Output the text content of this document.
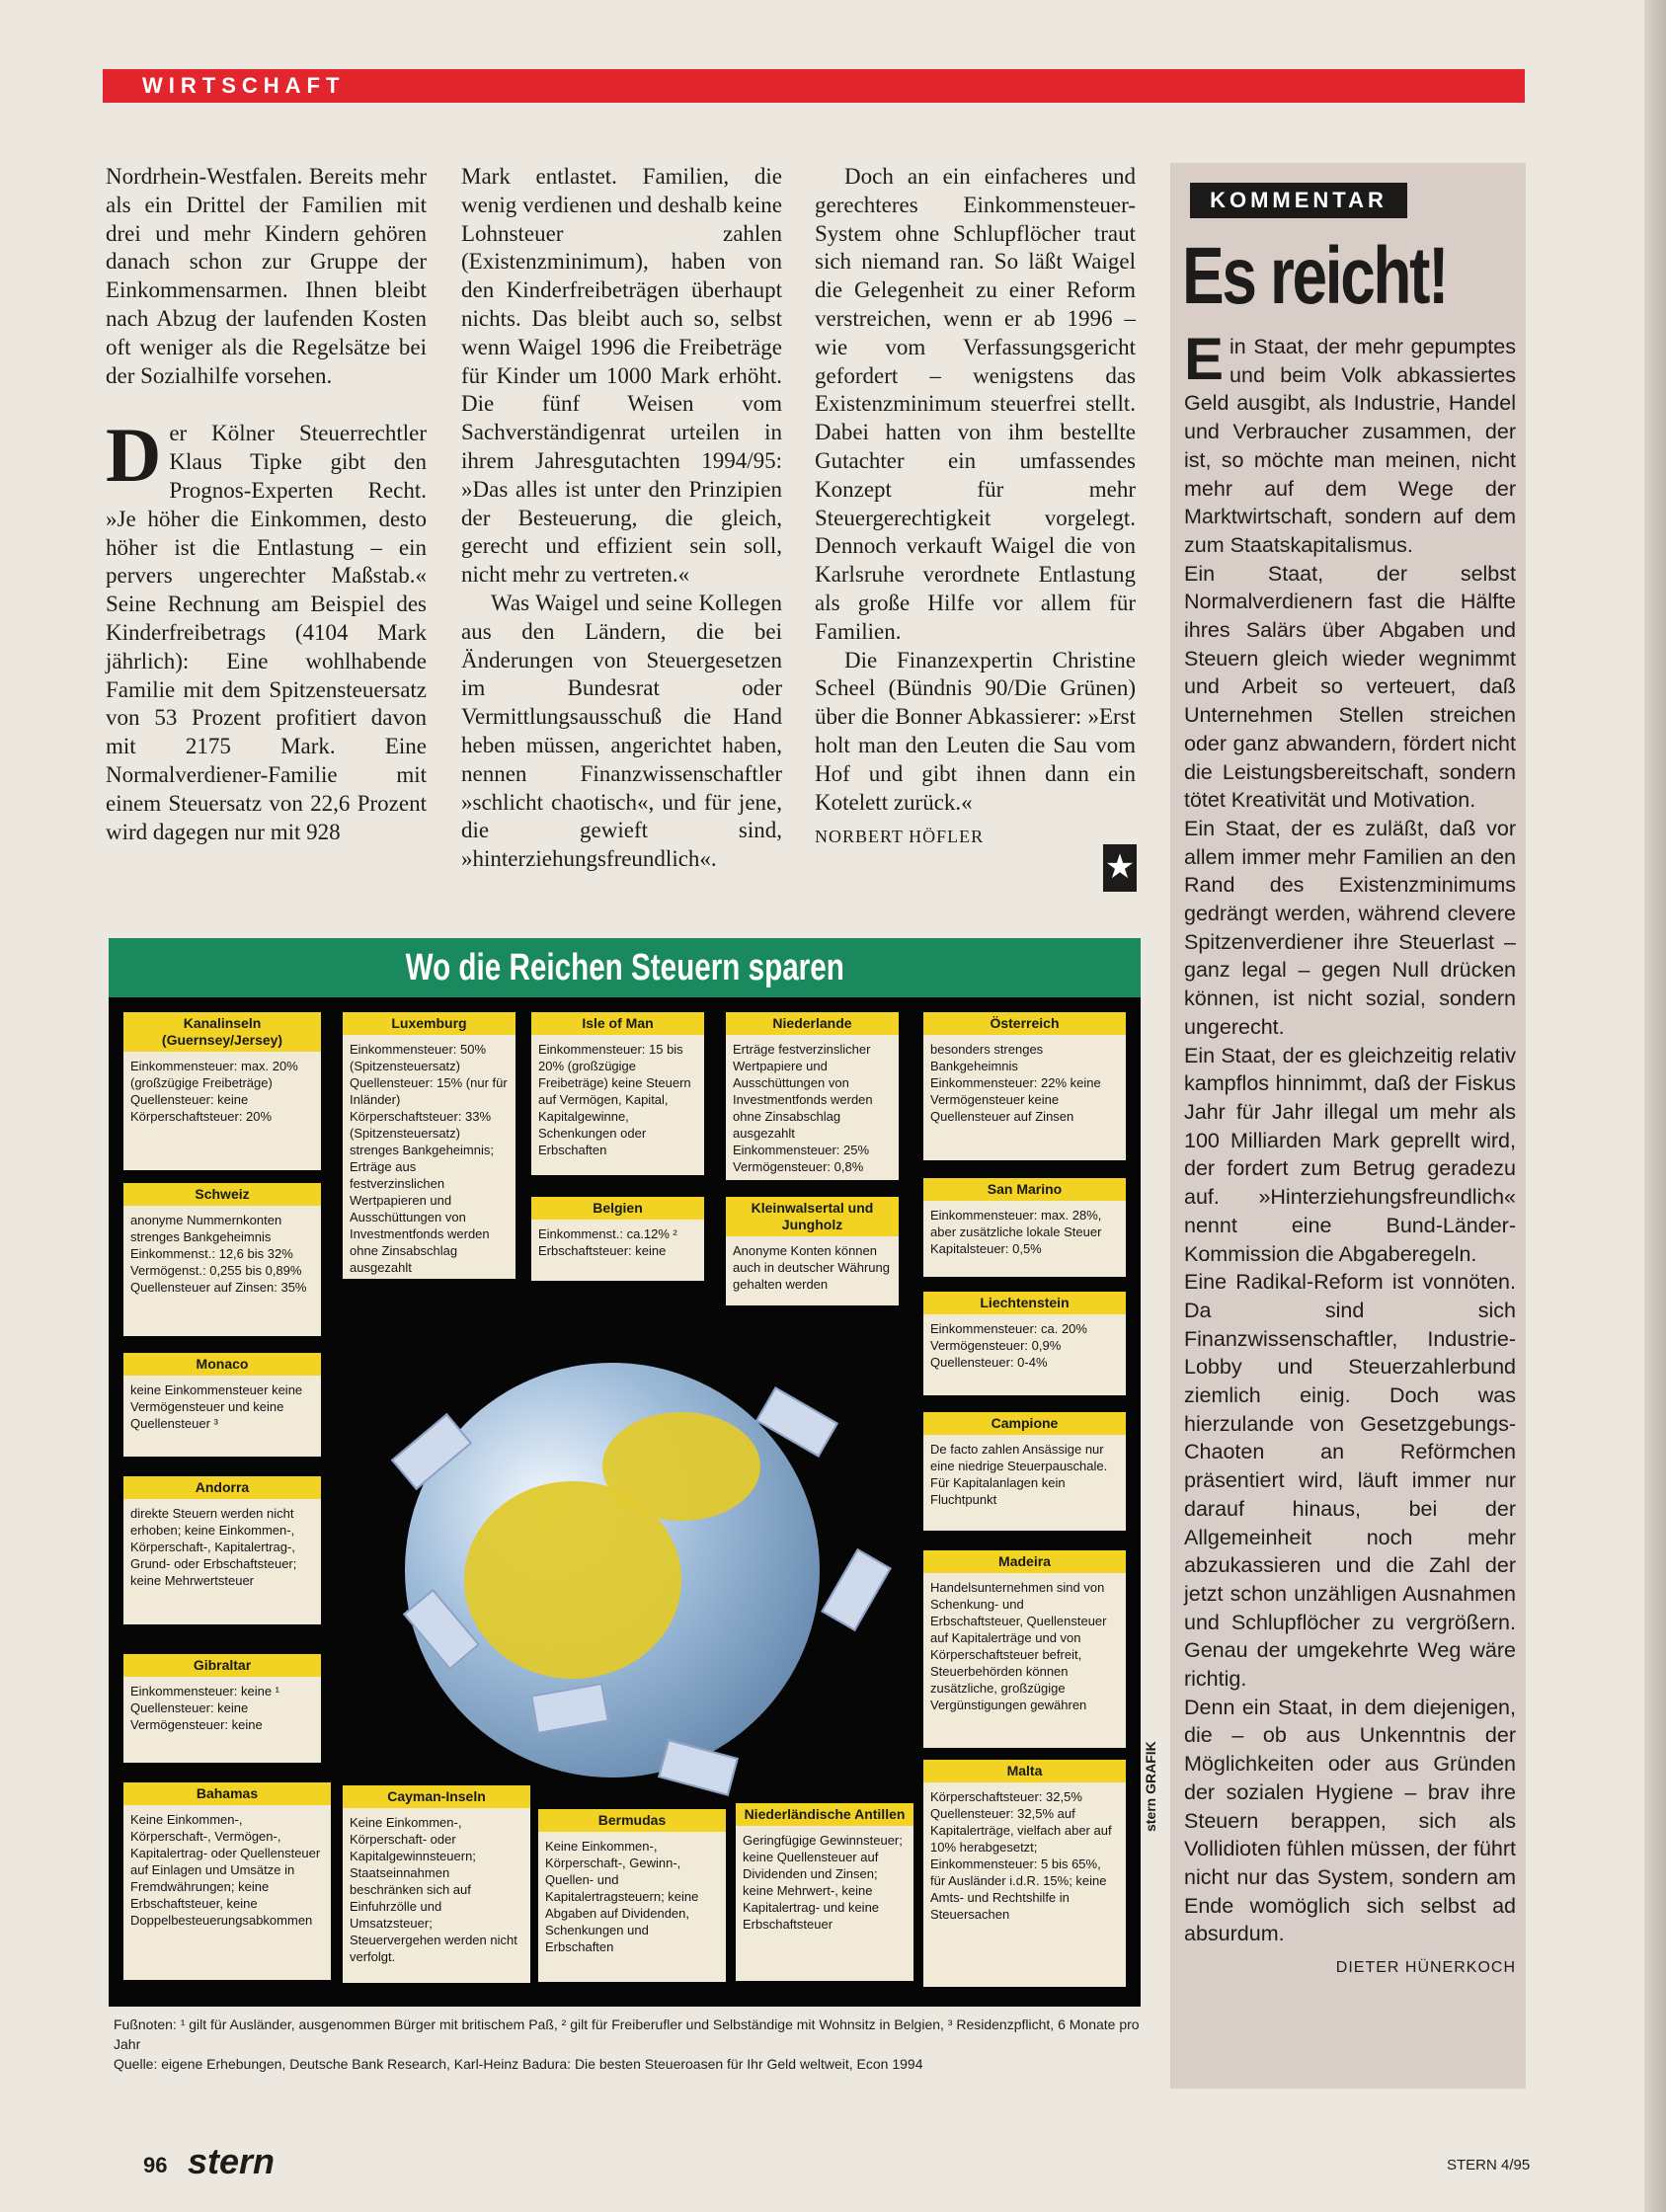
WIRTSCHAFT

Nordrhein-Westfalen. Bereits mehr als ein Drittel der Familien mit drei und mehr Kindern gehören danach schon zur Gruppe der Einkommensarmen. Ihnen bleibt nach Abzug der laufenden Kosten oft weniger als die Regelsätze bei der Sozialhilfe vorsehen.

Der Kölner Steuerrechtler Klaus Tipke gibt den Prognos-Experten Recht. »Je höher die Einkommen, desto höher ist die Entlastung – ein pervers ungerechter Maßstab.« Seine Rechnung am Beispiel des Kinderfreibetrags (4104 Mark jährlich): Eine wohlhabende Familie mit dem Spitzensteuersatz von 53 Prozent profitiert davon mit 2175 Mark. Eine Normalverdiener-Familie mit einem Steuersatz von 22,6 Prozent wird dagegen nur mit 928

Mark entlastet. Familien, die wenig verdienen und deshalb keine Lohnsteuer zahlen (Existenzminimum), haben von den Kinderfreibeträgen überhaupt nichts. Das bleibt auch so, selbst wenn Waigel 1996 die Freibeträge für Kinder um 1000 Mark erhöht. Die fünf Weisen vom Sachverständigenrat urteilen in ihrem Jahresgutachten 1994/95: »Das alles ist unter den Prinzipien der Besteuerung, die gleich, gerecht und effizient sein soll, nicht mehr zu vertreten.«

Was Waigel und seine Kollegen aus den Ländern, die bei Änderungen von Steuergesetzen im Bundesrat oder Vermittlungsausschuß die Hand heben müssen, angerichtet haben, nennen Finanzwissenschaftler »schlicht chaotisch«, und für jene, die gewieft sind, »hinterziehungsfreundlich«.

Doch an ein einfacheres und gerechteres Einkommensteuer-System ohne Schlupflöcher traut sich niemand ran. So läßt Waigel die Gelegenheit zu einer Reform verstreichen, wenn er ab 1996 – wie vom Verfassungsgericht gefordert – wenigstens das Existenzminimum steuerfrei stellt. Dabei hatten von ihm bestellte Gutachter ein umfassendes Konzept für mehr Steuergerechtigkeit vorgelegt. Dennoch verkauft Waigel die von Karlsruhe verordnete Entlastung als große Hilfe vor allem für Familien.

Die Finanzexpertin Christine Scheel (Bündnis 90/Die Grünen) über die Bonner Abkassierer: »Erst holt man den Leuten die Sau vom Hof und gibt ihnen dann ein Kotelett zurück.«

NORBERT HÖFLER
★
KOMMENTAR
Es reicht!

Ein Staat, der mehr gepumptes und beim Volk abkassiertes Geld ausgibt, als Industrie, Handel und Verbraucher zusammen, der ist, so möchte man meinen, nicht mehr auf dem Wege der Marktwirtschaft, sondern auf dem zum Staatskapitalismus.

Ein Staat, der selbst Normalverdienern fast die Hälfte ihres Salärs über Abgaben und Steuern gleich wieder wegnimmt und Arbeit so verteuert, daß Unternehmen Stellen streichen oder ganz abwandern, fördert nicht die Leistungsbereitschaft, sondern tötet Kreativität und Motivation.

Ein Staat, der es zuläßt, daß vor allem immer mehr Familien an den Rand des Existenzminimums gedrängt werden, während clevere Spitzenverdiener ihre Steuerlast – ganz legal – gegen Null drücken können, ist nicht sozial, sondern ungerecht.

Ein Staat, der es gleichzeitig relativ kampflos hinnimmt, daß der Fiskus Jahr für Jahr illegal um mehr als 100 Milliarden Mark geprellt wird, der fordert zum Betrug geradezu auf. »Hinterziehungsfreundlich« nennt eine Bund-Länder-Kommission die Abgaberegeln.

Eine Radikal-Reform ist vonnöten. Da sind sich Finanzwissenschaftler, Industrie-Lobby und Steuerzahlerbund ziemlich einig. Doch was hierzulande von Gesetzgebungs-Chaoten an Reförmchen präsentiert wird, läuft immer nur darauf hinaus, bei der Allgemeinheit noch mehr abzukassieren und die Zahl der jetzt schon unzähligen Ausnahmen und Schlupflöcher zu vergrößern. Genau der umgekehrte Weg wäre richtig.

Denn ein Staat, in dem diejenigen, die – ob aus Unkenntnis der Möglichkeiten oder aus Gründen der sozialen Hygiene – brav ihre Steuern berappen, sich als Vollidioten fühlen müssen, der führt nicht nur das System, sondern am Ende womöglich sich selbst ad absurdum.

DIETER HÜNERKOCH
Wo die Reichen Steuern sparen
Kanalinseln (Guernsey/Jersey)
Einkommensteuer: max. 20% (großzügige Freibeträge) Quellensteuer: keine Körperschaftsteuer: 20%
Schweiz
anonyme Nummernkonten strenges Bankgeheimnis Einkommenst.: 12,6 bis 32% Vermögenst.: 0,255 bis 0,89% Quellensteuer auf Zinsen: 35%
Monaco
keine Einkommensteuer keine Vermögensteuer und keine Quellensteuer ³
Andorra
direkte Steuern werden nicht erhoben; keine Einkommen-, Körperschaft-, Kapitalertrag-, Grund- oder Erbschaftsteuer; keine Mehrwertsteuer
Gibraltar
Einkommensteuer: keine ¹ Quellensteuer: keine Vermögensteuer: keine
Bahamas
Keine Einkommen-, Körperschaft-, Vermögen-, Kapitalertrag- oder Quellensteuer auf Einlagen und Umsätze in Fremdwährungen; keine Erbschaftsteuer, keine Doppelbesteuerungsabkommen
Luxemburg
Einkommensteuer: 50% (Spitzensteuersatz) Quellensteuer: 15% (nur für Inländer) Körperschaftsteuer: 33% (Spitzensteuersatz) strenges Bankgeheimnis; Erträge aus festverzinslichen Wertpapieren und Ausschüttungen von Investmentfonds werden ohne Zinsabschlag ausgezahlt
Isle of Man
Einkommensteuer: 15 bis 20% (großzügige Freibeträge) keine Steuern auf Vermögen, Kapital, Kapitalgewinne, Schenkungen oder Erbschaften
Belgien
Einkommenst.: ca.12% ² Erbschaftsteuer: keine
Niederlande
Erträge festverzinslicher Wertpapiere und Ausschüttungen von Investmentfonds werden ohne Zinsabschlag ausgezahlt Einkommensteuer: 25% Vermögensteuer: 0,8%
Kleinwalsertal und Jungholz
Anonyme Konten können auch in deutscher Währung gehalten werden
Österreich
besonders strenges Bankgeheimnis Einkommensteuer: 22% keine Vermögensteuer keine Quellensteuer auf Zinsen
San Marino
Einkommensteuer: max. 28%, aber zusätzliche lokale Steuer Kapitalsteuer: 0,5%
Liechtenstein
Einkommensteuer: ca. 20% Vermögensteuer: 0,9% Quellensteuer: 0-4%
Campione
De facto zahlen Ansässige nur eine niedrige Steuerpauschale. Für Kapitalanlagen kein Fluchtpunkt
Madeira
Handelsunternehmen sind von Schenkung- und Erbschaftsteuer, Quellensteuer auf Kapitalerträge und von Körperschaftsteuer befreit, Steuerbehörden können zusätzliche, großzügige Vergünstigungen gewähren
Malta
Körperschaftsteuer: 32,5% Quellensteuer: 32,5% auf Kapitalerträge, vielfach aber auf 10% herabgesetzt; Einkommensteuer: 5 bis 65%, für Ausländer i.d.R. 15%; keine Amts- und Rechtshilfe in Steuersachen
Cayman-Inseln
Keine Einkommen-, Körperschaft- oder Kapitalgewinnsteuern; Staatseinnahmen beschränken sich auf Einfuhrzölle und Umsatzsteuer; Steuervergehen werden nicht verfolgt.
Bermudas
Keine Einkommen-, Körperschaft-, Gewinn-, Quellen- und Kapitalertragsteuern; keine Abgaben auf Dividenden, Schenkungen und Erbschaften
Niederländische Antillen
Geringfügige Gewinnsteuer; keine Quellensteuer auf Dividenden und Zinsen; keine Mehrwert-, keine Kapitalertrag- und keine Erbschaftsteuer
stern GRAFIK
Fußnoten: ¹ gilt für Ausländer, ausgenommen Bürger mit britischem Paß, ² gilt für Freiberufler und Selbständige mit Wohnsitz in Belgien, ³ Residenzpflicht, 6 Monate pro Jahr
Quelle: eigene Erhebungen, Deutsche Bank Research, Karl-Heinz Badura: Die besten Steueroasen für Ihr Geld weltweit, Econ 1994
96 stern	STERN 4/95
